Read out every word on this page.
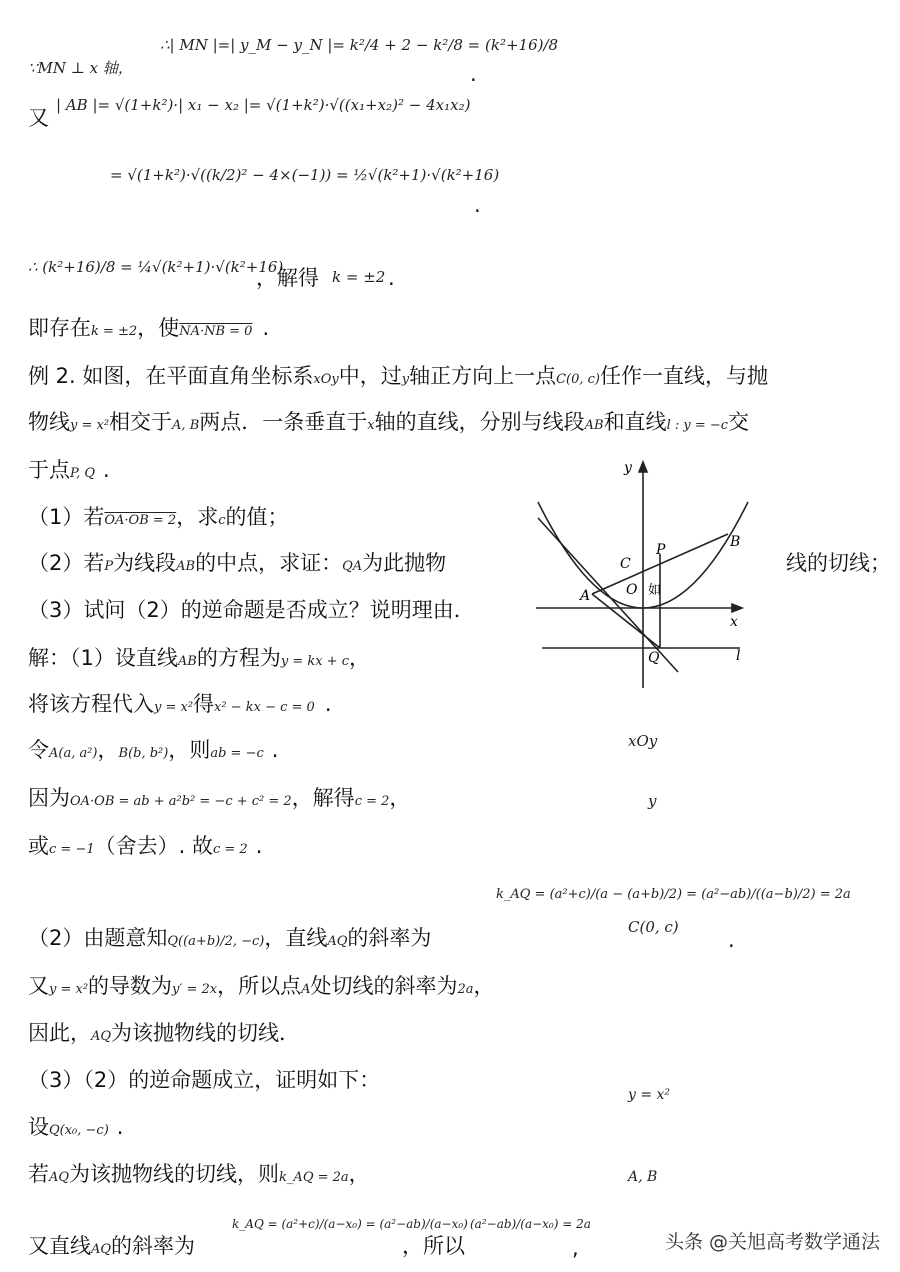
∵MN ⊥ x 轴，
∴| MN |=| y_M − y_N |= k²/4 + 2 − k²/8 = (k²+16)/8
.
又
| AB |= √(1+k²)·| x₁ − x₂ |= √(1+k²)·√((x₁+x₂)² − 4x₁x₂)
= √(1+k²)·√((k/2)² − 4×(−1)) = ½√(k²+1)·√(k²+16)
.
∴ (k²+16)/8 = ¼√(k²+1)·√(k²+16)
，解得 k = ±2 .
即存在k = ±2，使NA·NB = 0 .
例 2. 如图，在平面直角坐标系xOy中，过y轴正方向上一点C(0, c)任作一直线，与抛
物线y = x²相交于A, B两点．一条垂直于x轴的直线，分别与线段AB和直线l : y = −c交
于点P, Q .
（1）若OA·OB = 2，求c的值；
（2）若P为线段AB的中点，求证：QA为此抛物	线的切线；
（3）试问（2）的逆命题是否成立？说明理由．
解：（1）设直线AB的方程为y = kx + c，
将该方程代入y = x²得x² − kx − c = 0 .
令A(a, a²)，B(b, b²)，则ab = −c .
因为OA·OB = ab + a²b² = −c + c² = 2，解得c = 2，
或c = −1（舍去）. 故c = 2 .
（2）由题意知Q((a+b)/2, −c)，直线AQ的斜率为
k_AQ = (a²+c)/(a − (a+b)/2) = (a²−ab)/((a−b)/2) = 2a
.
又y = x²的导数为y′ = 2x，所以点A处切线的斜率为2a，
因此，AQ为该抛物线的切线．
（3）（2）的逆命题成立，证明如下：
设Q(x₀, −c) .
若AQ为该抛物线的切线，则k_AQ = 2a，
又直线AQ的斜率为
k_AQ = (a²+c)/(a−x₀) = (a²−ab)/(a−x₀)
，所以
(a²−ab)/(a−x₀) = 2a
,
xOy
y
C(0, c)
y = x²
A, B
y
x
A
B
C
P
O
Q	l
如
头条 @关旭高考数学通法
